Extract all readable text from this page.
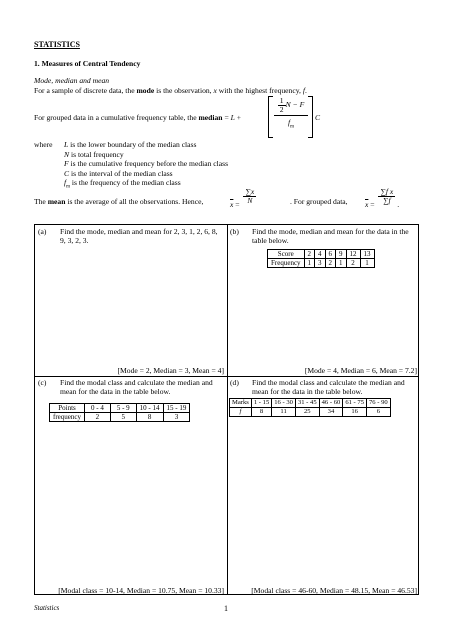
STATISTICS
1. Measures of Central Tendency
Mode, median and mean
For a sample of discrete data, the mode is the observation, x with the highest frequency, f.
For grouped data in a cumulative frequency table, the median = L +
$\frac{1}{2}$ N − F
$f_m$
C
where L is the lower boundary of the median class
N is total frequency
F is the cumulative frequency before the median class
C is the interval of the median class
$f_m$ is the frequency of the median class
The mean is the average of all the observations. Hence,	$\overline{x} = \frac{\sum x}{N}$	. For grouped data, $\overline{x} = \frac{\text{∑f x}}{\sum f}$ .
(a) Find the mode, median and mean for 2, 3, 1, 2, 6, 8, 9, 3, 2, 3.
[Mode = 2, Median = 3, Mean = 4]
(b) Find the mode, median and mean for the data in the table below.
Score	2	4	6	9	12	13
Frequency	1	3	2	1	2	1
[Mode = 4, Median = 6, Mean = 7.2]
(c) Find the modal class and calculate the median and mean for the data in the table below.
Points	0 - 4	5 - 9	10 - 14	15 - 19
frequency	2	5	8	3
[Modal class = 10-14, Median = 10.75, Mean = 10.33]
(d) Find the modal class and calculate the median and mean for the data in the table below.
Marks	1 - 15	16 - 30	31 - 45	46 - 60	61 - 75	76 - 90
f	8	11	25	34	16	6
[Modal class = 46-60, Median = 48.15, Mean = 46.53]
Statistics	1
